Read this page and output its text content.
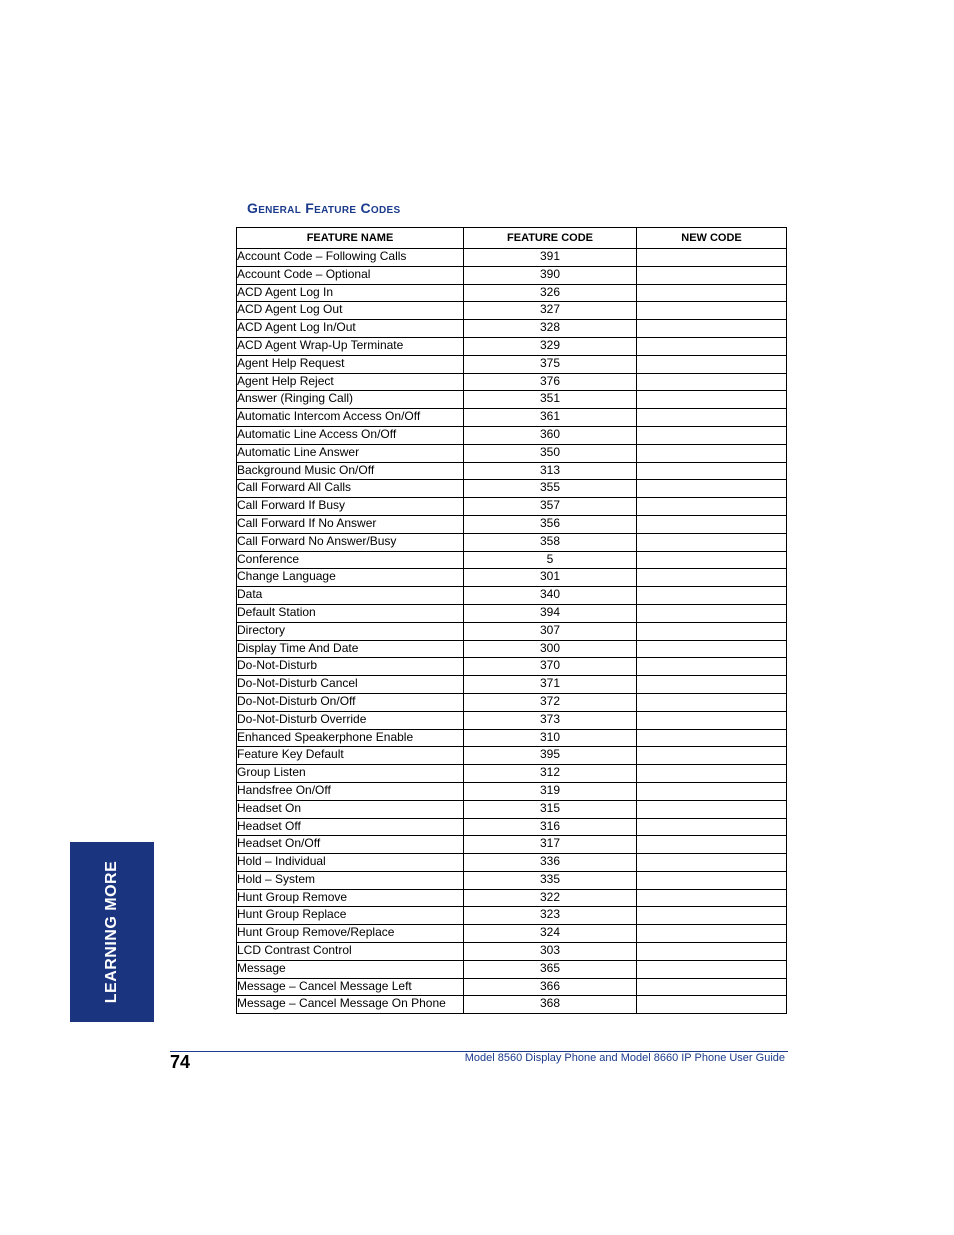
General Feature Codes
FEATURE NAME	FEATURE CODE	NEW CODE
Account Code – Following Calls	391	
Account Code – Optional	390	
ACD Agent Log In	326	
ACD Agent Log Out	327	
ACD Agent Log In/Out	328	
ACD Agent Wrap-Up Terminate	329	
Agent Help Request	375	
Agent Help Reject	376	
Answer (Ringing Call)	351	
Automatic Intercom Access On/Off	361	
Automatic Line Access On/Off	360	
Automatic Line Answer	350	
Background Music On/Off	313	
Call Forward All Calls	355	
Call Forward If Busy	357	
Call Forward If No Answer	356	
Call Forward No Answer/Busy	358	
Conference	5	
Change Language	301	
Data	340	
Default Station	394	
Directory	307	
Display Time And Date	300	
Do-Not-Disturb	370	
Do-Not-Disturb Cancel	371	
Do-Not-Disturb On/Off	372	
Do-Not-Disturb Override	373	
Enhanced Speakerphone Enable	310	
Feature Key Default	395	
Group Listen	312	
Handsfree On/Off	319	
Headset On	315	
Headset Off	316	
Headset On/Off	317	
Hold – Individual	336	
Hold – System	335	
Hunt Group Remove	322	
Hunt Group Replace	323	
Hunt Group Remove/Replace	324	
LCD Contrast Control	303	
Message	365	
Message – Cancel Message Left	366	
Message – Cancel Message On Phone	368	
LEARNING MORE
74	Model 8560 Display Phone and Model 8660 IP Phone User Guide
